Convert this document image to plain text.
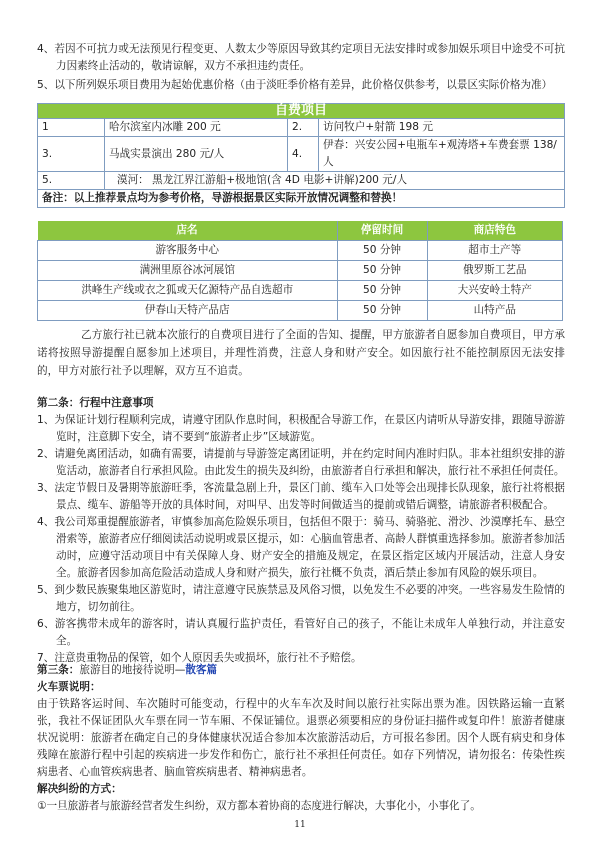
4、若因不可抗力或无法预见行程变更、人数太少等原因导致其约定项目无法安排时或参加娱乐项目中途受不可抗力因素终止活动的，敬请谅解，双方不承担违约责任。
5、以下所列娱乐项目费用为起始优惠价格（由于淡旺季价格有差异，此价格仅供参考，以景区实际价格为准）
自费项目			
1	哈尔滨室内冰雕 200 元	2.	访问牧户+射箭 198 元
3.	马战实景演出 280 元/人	4.	伊春：兴安公园+电瓶车+观涛塔+车费套票 138/人
5.	漠河： 黑龙江界江游船+极地馆(含 4D 电影+讲解)200 元/人		
备注：以上推荐景点均为参考价格，导游根据景区实际开放情况调整和替换！			
店名	停留时间	商店特色
游客服务中心	50 分钟	超市土产等
满洲里原谷冰河展馆	50 分钟	俄罗斯工艺品
洪峰生产线或衣之狐或天亿源特产品自选超市	50 分钟	大兴安岭土特产
伊春山天特产品店	50 分钟	山特产品
乙方旅行社已就本次旅行的自费项目进行了全面的告知、提醒，甲方旅游者自愿参加自费项目，甲方承诺将按照导游提醒自愿参加上述项目，并理性消费，注意人身和财产安全。如因旅行社不能控制原因无法安排的，甲方对旅行社予以理解，双方互不追责。
第二条：行程中注意事项
1、为保证计划行程顺利完成，请遵守团队作息时间，积极配合导游工作，在景区内请听从导游安排，跟随导游游览时，注意脚下安全，请不要到“旅游者止步”区域游览。
2、请避免离团活动，如确有需要，请提前与导游签定离团证明，并在约定时间内准时归队。非本社组织安排的游览活动，旅游者自行承担风险。由此发生的损失及纠纷，由旅游者自行承担和解决，旅行社不承担任何责任。
3、法定节假日及暑期等旅游旺季，客流量急剧上升，景区门前、缆车入口处等会出现排长队现象，旅行社将根据景点、缆车、游船等开放的具体时间，对叫早、出发等时间做适当的提前或错后调整，请旅游者积极配合。
4、我公司郑重提醒旅游者，审慎参加高危险娱乐项目，包括但不限于：骑马、骑骆驼、滑沙、沙漠摩托车、悬空滑索等，旅游者应仔细阅读活动说明或景区提示，如：心脑血管患者、高龄人群慎重选择参加。旅游者参加活动时，应遵守活动项目中有关保障人身、财产安全的措施及规定，在景区指定区域内开展活动，注意人身安全。旅游者因参加高危险活动造成人身和财产损失，旅行社概不负责，酒后禁止参加有风险的娱乐项目。
5、到少数民族聚集地区游览时，请注意遵守民族禁忌及风俗习惯，以免发生不必要的冲突。一些容易发生险情的地方，切勿前往。
6、游客携带未成年的游客时，请认真履行监护责任，看管好自己的孩子，不能让未成年人单独行动，并注意安全。
7、注意贵重物品的保管，如个人原因丢失或损坏，旅行社不予赔偿。
第三条：旅游目的地接待说明—散客篇
火车票说明：
由于铁路客运时间、车次随时可能变动，行程中的火车车次及时间以旅行社实际出票为准。因铁路运输一直紧张，我社不保证团队火车票在同一节车厢、不保证铺位。退票必须要相应的身份证扫描件或复印件！旅游者健康状况说明：旅游者在确定自己的身体健康状况适合参加本次旅游活动后，方可报名参团。因个人既有病史和身体残障在旅游行程中引起的疾病进一步发作和伤亡，旅行社不承担任何责任。如存下列情况，请勿报名：传染性疾病患者、心血管疾病患者、脑血管疾病患者、精神病患者。
解决纠纷的方式：
①一旦旅游者与旅游经营者发生纠纷，双方都本着协商的态度进行解决，大事化小，小事化了。
11
